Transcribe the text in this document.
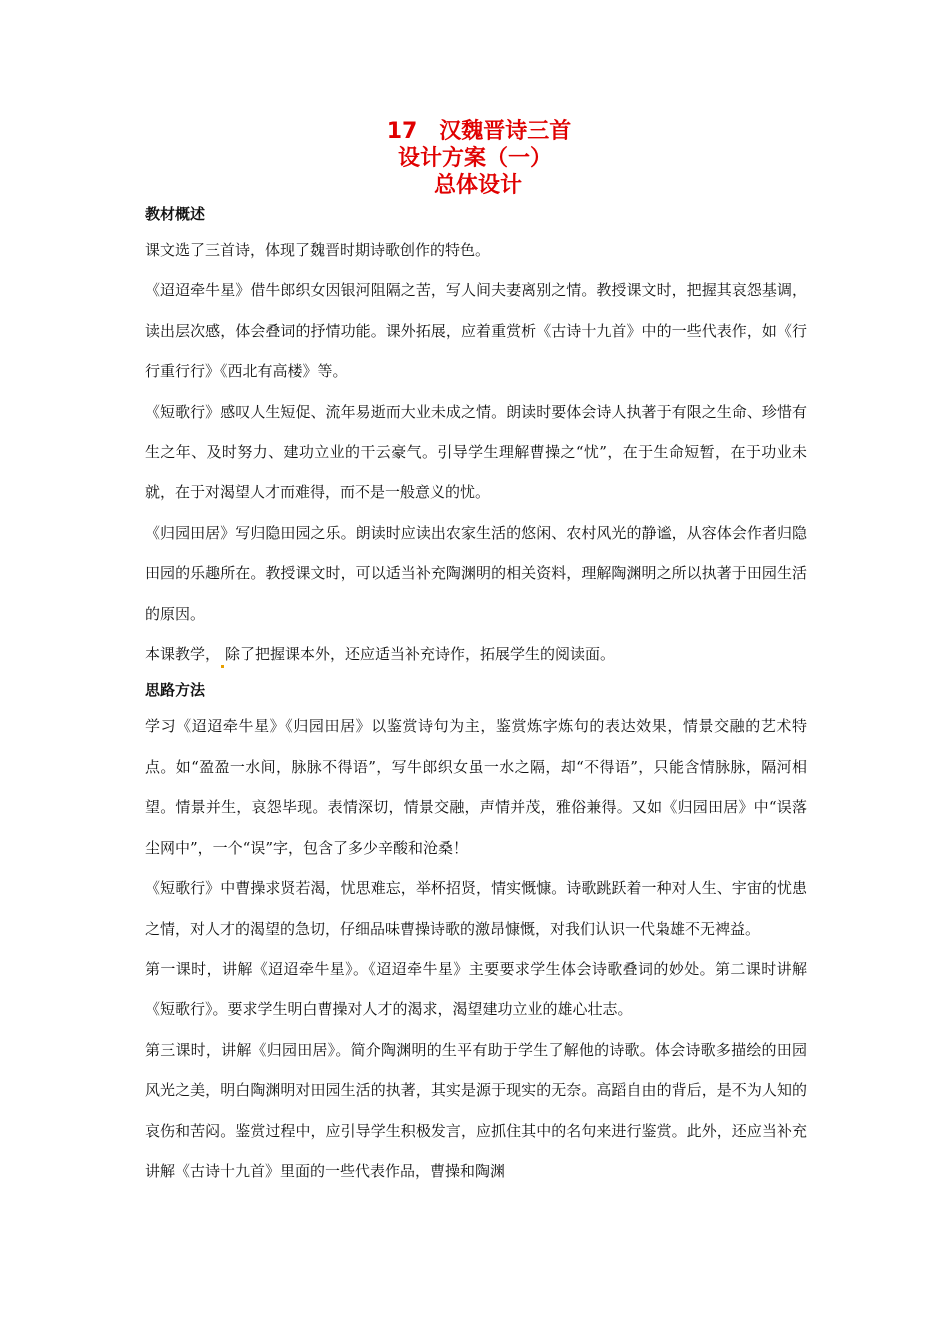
17　汉魏晋诗三首
设计方案（一）
总体设计

教材概述

课文选了三首诗，体现了魏晋时期诗歌创作的特色。

《迢迢牵牛星》借牛郎织女因银河阻隔之苦，写人间夫妻离别之情。教授课文时，把握其哀怨基调，读出层次感，体会叠词的抒情功能。课外拓展，应着重赏析《古诗十九首》中的一些代表作，如《行行重行行》《西北有高楼》等。

《短歌行》感叹人生短促、流年易逝而大业未成之情。朗读时要体会诗人执著于有限之生命、珍惜有生之年、及时努力、建功立业的干云豪气。引导学生理解曹操之“忧”，在于生命短暂，在于功业未就，在于对渴望人才而难得，而不是一般意义的忧。

《归园田居》写归隐田园之乐。朗读时应读出农家生活的悠闲、农村风光的静谧，从容体会作者归隐田园的乐趣所在。教授课文时，可以适当补充陶渊明的相关资料，理解陶渊明之所以执著于田园生活的原因。

本课教学， 除了把握课本外，还应适当补充诗作，拓展学生的阅读面。

思路方法

学习《迢迢牵牛星》《归园田居》以鉴赏诗句为主，鉴赏炼字炼句的表达效果，情景交融的艺术特点。如“盈盈一水间，脉脉不得语”，写牛郎织女虽一水之隔，却“不得语”，只能含情脉脉，隔河相望。情景并生，哀怨毕现。表情深切，情景交融，声情并茂，雅俗兼得。又如《归园田居》中“误落尘网中”，一个“误”字，包含了多少辛酸和沧桑！

《短歌行》中曹操求贤若渴，忧思难忘，举杯招贤，情实慨慷。诗歌跳跃着一种对人生、宇宙的忧患之情，对人才的渴望的急切，仔细品味曹操诗歌的激昂慷慨，对我们认识一代枭雄不无裨益。

第一课时，讲解《迢迢牵牛星》。《迢迢牵牛星》主要要求学生体会诗歌叠词的妙处。第二课时讲解《短歌行》。要求学生明白曹操对人才的渴求，渴望建功立业的雄心壮志。

第三课时，讲解《归园田居》。简介陶渊明的生平有助于学生了解他的诗歌。体会诗歌多描绘的田园风光之美，明白陶渊明对田园生活的执著，其实是源于现实的无奈。高蹈自由的背后，是不为人知的哀伤和苦闷。鉴赏过程中，应引导学生积极发言，应抓住其中的名句来进行鉴赏。此外，还应当补充讲解《古诗十九首》里面的一些代表作品，曹操和陶渊
